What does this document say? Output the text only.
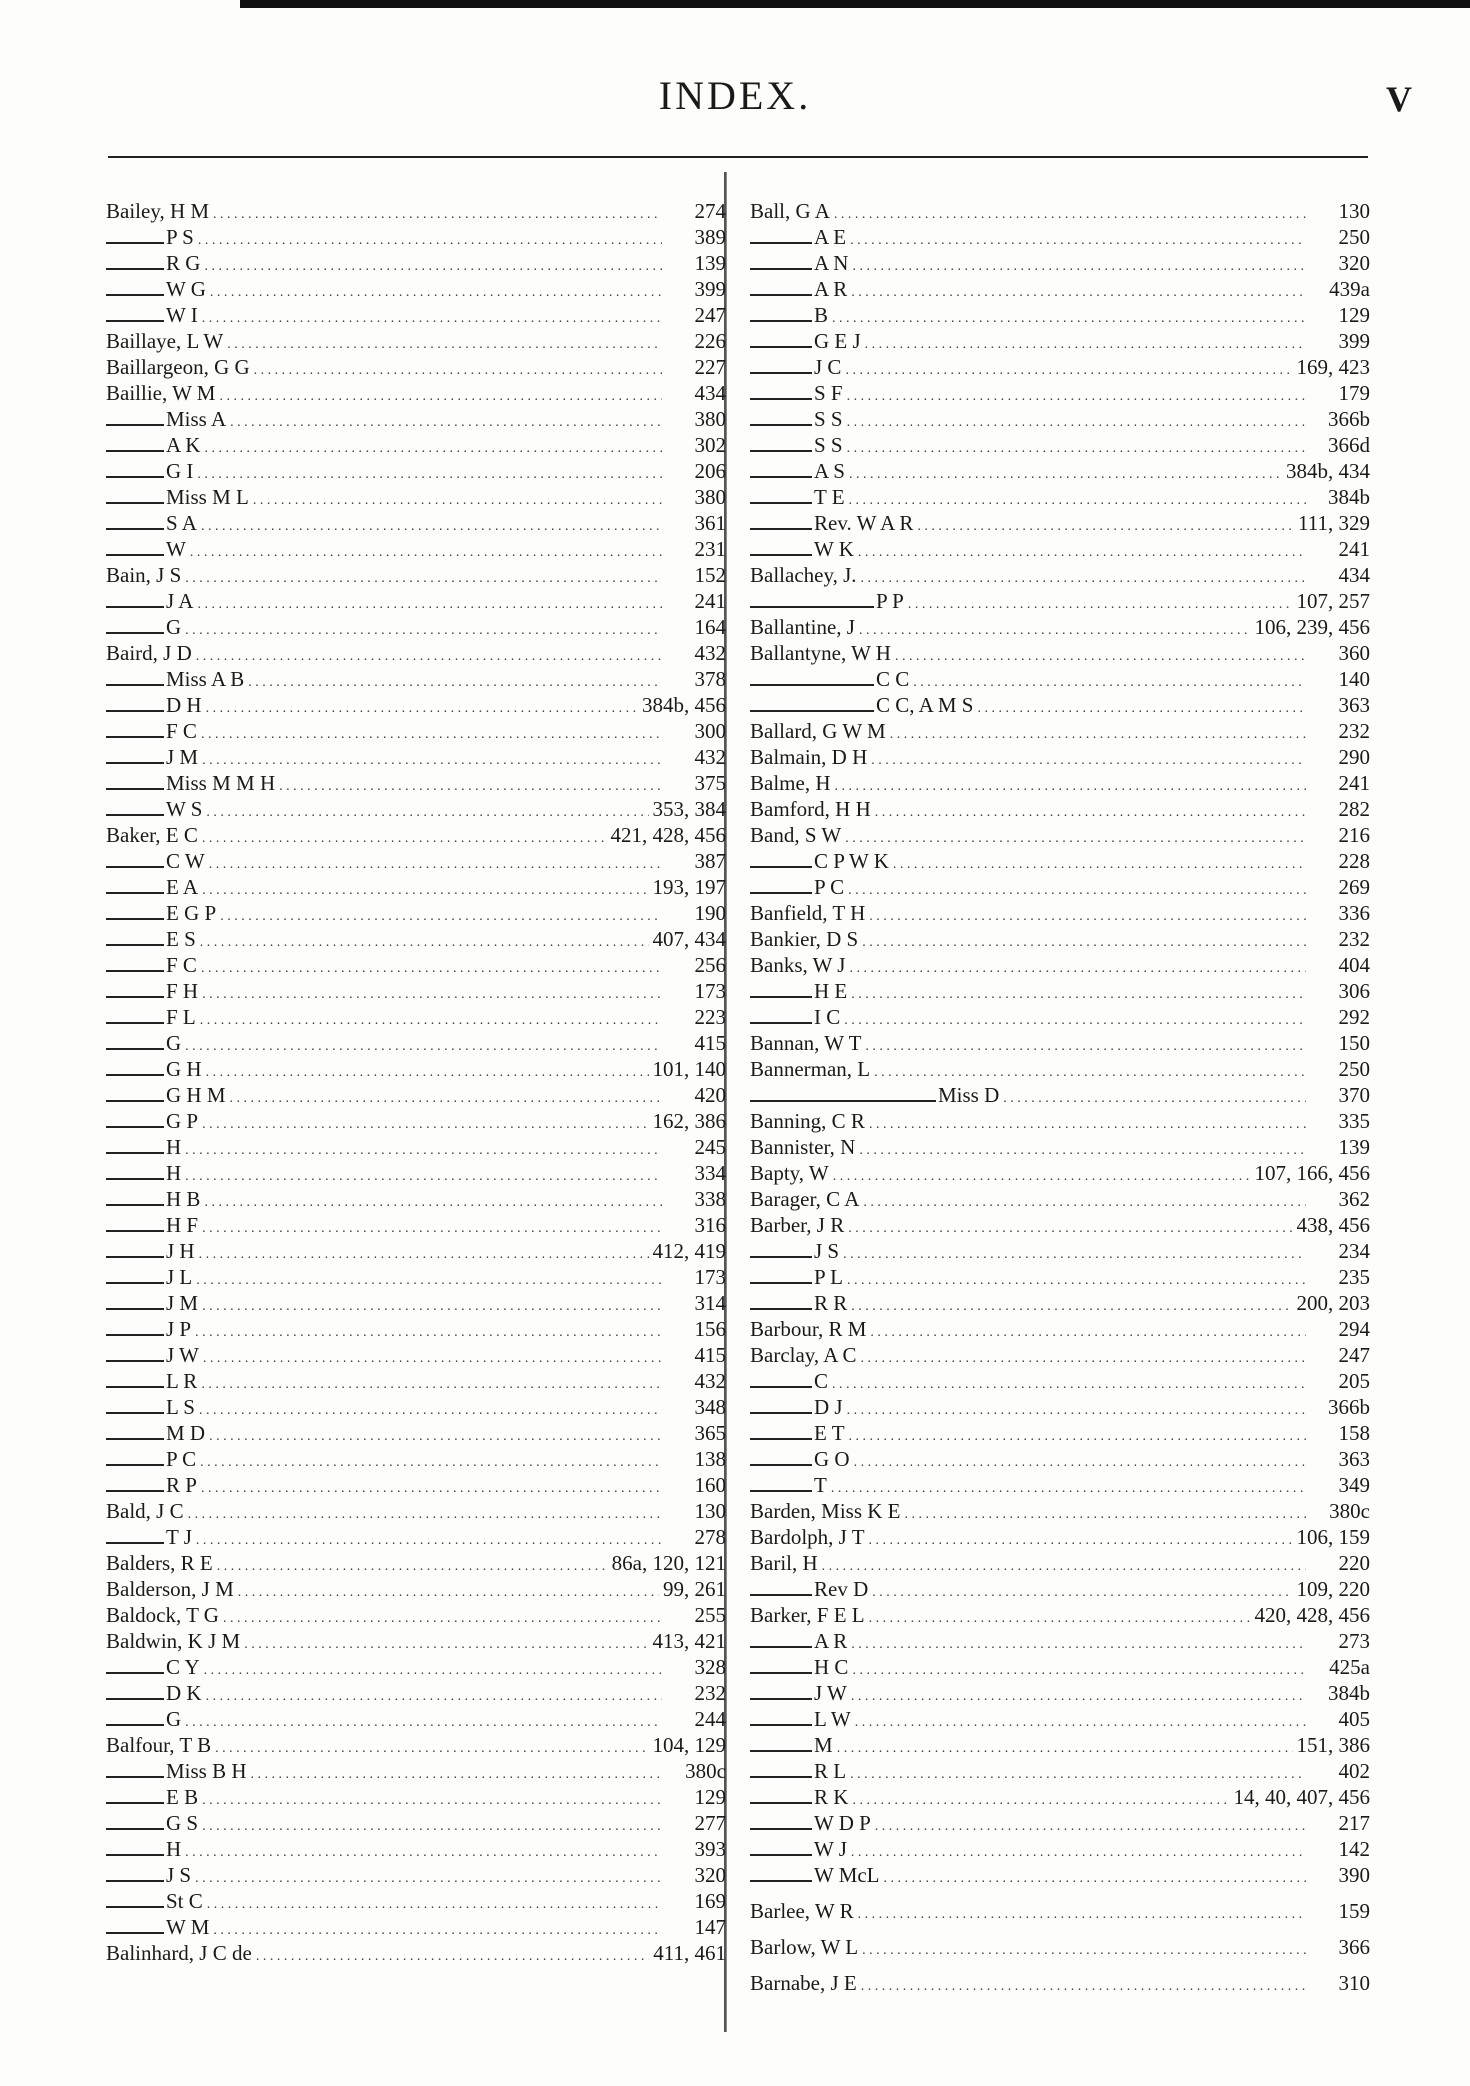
INDEX.	V
Bailey, H M . . .	274
P S . . .	389
R G . . .	139
W G . . .	399
W I . . .	247
Baillaye, L W . . .	226
Baillargeon, G G . . .	227
Baillie, W M . . .	434
Miss A . . .	380
A K . . .	302
G I . . .	206
Miss M L . . .	380
S A . . .	361
W . . .	231
Bain, J S . . .	152
J A . . .	241
G . . .	164
Baird, J D . . .	432
Miss A B . . .	378
D H . . .	384b, 456
F C . . .	300
J M . . .	432
Miss M M H . . .	375
W S . . .	353, 384
Baker, E C . . .	421, 428, 456
C W . . .	387
E A . . .	193, 197
E G P . . .	190
E S . . .	407, 434
F C . . .	256
F H . . .	173
F L . . .	223
G . . .	415
G H . . .	101, 140
G H M . . .	420
G P . . .	162, 386
H . . .	245
H . . .	334
H B . . .	338
H F . . .	316
J H . . .	412, 419
J L . . .	173
J M . . .	314
J P . . .	156
J W . . .	415
L R . . .	432
L S . . .	348
M D . . .	365
P C . . .	138
R P . . .	160
Bald, J C . . .	130
T J . . .	278
Balders, R E . . .	86a, 120, 121
Balderson, J M . . .	99, 261
Baldock, T G . . .	255
Baldwin, K J M . . .	413, 421
C Y . . .	328
D K . . .	232
G . . .	244
Balfour, T B . . .	104, 129
Miss B H . . .	380c
E B . . .	129
G S . . .	277
H . . .	393
J S . . .	320
St C . . .	169
W M . . .	147
Balinhard, J C de . . .	411, 461
Ball, G A . . .	130
A E . . .	250
A N . . .	320
A R . . .	439a
B . . .	129
G E J . . .	399
J C . . .	169, 423
S F . . .	179
S S . . .	366b
S S . . .	366d
A S . . .	384b, 434
T E . . .	384b
Rev. W A R . . .	111, 329
W K . . .	241
Ballachey, J. . . .	434
P P . . .	107, 257
Ballantine, J . . .	106, 239, 456
Ballantyne, W H . . .	360
C C . . .	140
C C, A M S . . .	363
Ballard, G W M . . .	232
Balmain, D H . . .	290
Balme, H . . .	241
Bamford, H H . . .	282
Band, S W . . .	216
C P W K . . .	228
P C . . .	269
Banfield, T H . . .	336
Bankier, D S . . .	232
Banks, W J . . .	404
H E . . .	306
I C . . .	292
Bannan, W T . . .	150
Bannerman, L . . .	250
Miss D . . .	370
Banning, C R . . .	335
Bannister, N . . .	139
Bapty, W . . .	107, 166, 456
Barager, C A . . .	362
Barber, J R . . .	438, 456
J S . . .	234
P L . . .	235
R R . . .	200, 203
Barbour, R M . . .	294
Barclay, A C . . .	247
C . . .	205
D J . . .	366b
E T . . .	158
G O . . .	363
T . . .	349
Barden, Miss K E . . .	380c
Bardolph, J T . . .	106, 159
Baril, H . . .	220
Rev D . . .	109, 220
Barker, F E L . . .	420, 428, 456
A R . . .	273
H C . . .	425a
J W . . .	384b
L W . . .	405
M . . .	151, 386
R L . . .	402
R K . . .	14, 40, 407, 456
W D P . . .	217
W J . . .	142
W McL . . .	390
Barlee, W R . . .	159
Barlow, W L . . .	366
Barnabe, J E . . .	310
